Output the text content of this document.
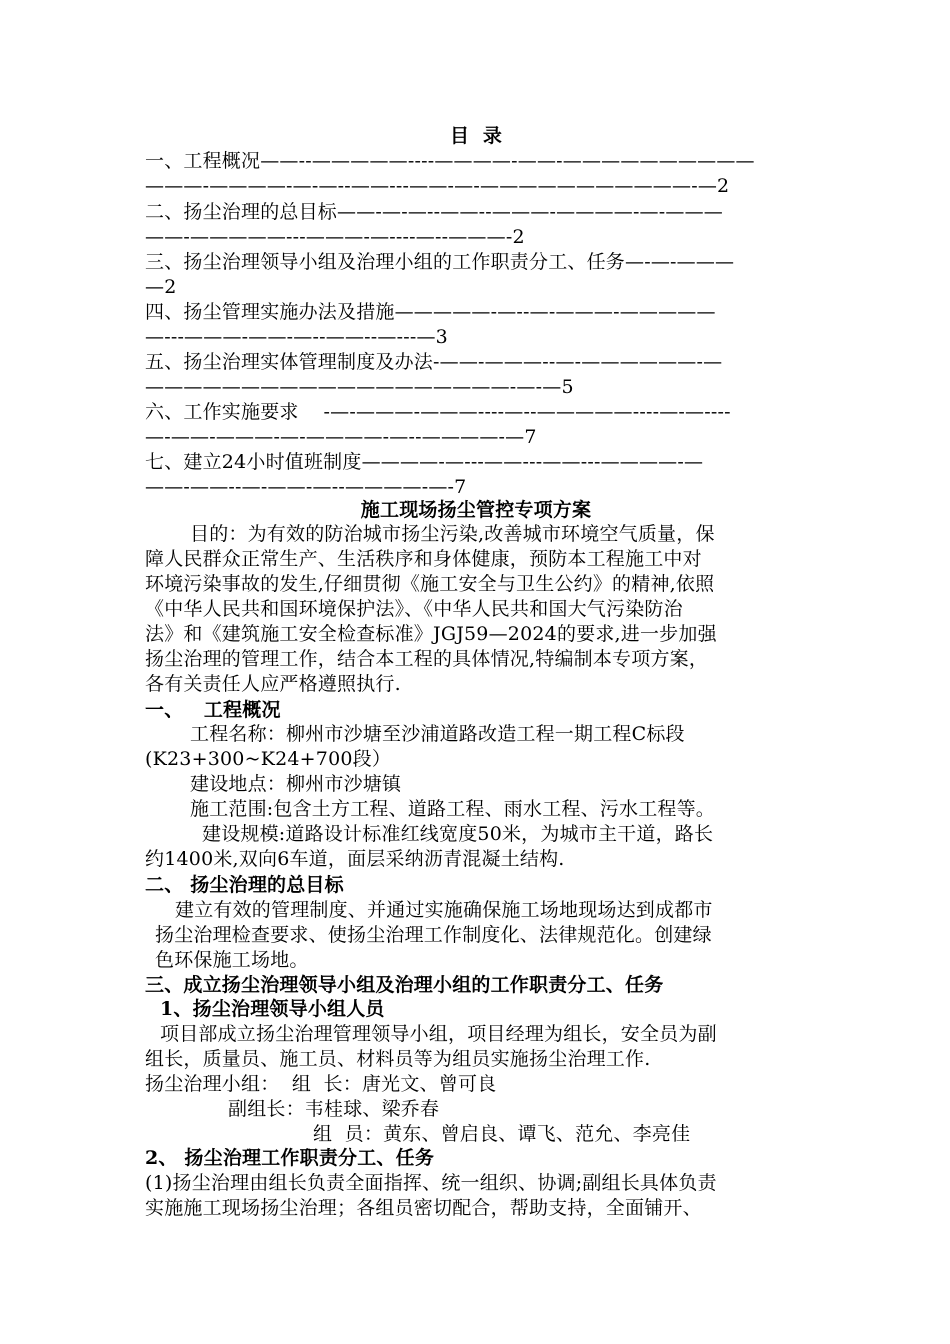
目  录
一、工程概况——--—————----————-——-——————————
———-————-—-—--——---——-—-———————————-—2
二、扬尘治理的总目标——-—-—--——--———-————-—-———
——-—————---———-—----—--———-2
三、扬尘治理领导小组及治理小组的工作职责分工、任务—-—-———
—2
四、扬尘管理实施办法及措施—————-—--—-———-—————
—---———-——-—--——--—---—3
五、扬尘治理实体管理制度及办法-——-———--—-——————-—
———————————————————-—-—5
六、工作实施要求    -—-———-———----—--—————----—-—----
—-——-———-—-————-—--————-—7
七、建立24小时值班制度————-—---——---——---————-—
——-——--—-——-—--————-—-7
施工现场扬尘管控专项方案
目的：为有效的防治城市扬尘污染,改善城市环境空气质量，保
障人民群众正常生产、生活秩序和身体健康，预防本工程施工中对
环境污染事故的发生,仔细贯彻《施工安全与卫生公约》的精神,依照
《中华人民共和国环境保护法》、《中华人民共和国大气污染防治
法》和《建筑施工安全检查标准》JGJ59—2024的要求,进一步加强
扬尘治理的管理工作，结合本工程的具体情况,特编制本专项方案，
各有关责任人应严格遵照执行.
一、   工程概况
工程名称：柳州市沙塘至沙浦道路改造工程一期工程C标段
(K23+300~K24+700段）
建设地点：柳州市沙塘镇
施工范围:包含土方工程、道路工程、雨水工程、污水工程等。
建设规模:道路设计标准红线宽度50米，为城市主干道，路长
约1400米,双向6车道，面层采纳沥青混凝土结构.
二、 扬尘治理的总目标
建立有效的管理制度、并通过实施确保施工场地现场达到成都市
扬尘治理检查要求、使扬尘治理工作制度化、法律规范化。创建绿
色环保施工场地。
三、成立扬尘治理领导小组及治理小组的工作职责分工、任务
1、扬尘治理领导小组人员
项目部成立扬尘治理管理领导小组，项目经理为组长，安全员为副
组长，质量员、施工员、材料员等为组员实施扬尘治理工作.
扬尘治理小组：  组  长：唐光文、曾可良
副组长：韦桂球、梁乔春
组  员：黄东、曾启良、谭飞、范允、李亮佳
2、 扬尘治理工作职责分工、任务
(1)扬尘治理由组长负责全面指挥、统一组织、协调;副组长具体负责
实施施工现场扬尘治理；各组员密切配合，帮助支持，全面铺开、
